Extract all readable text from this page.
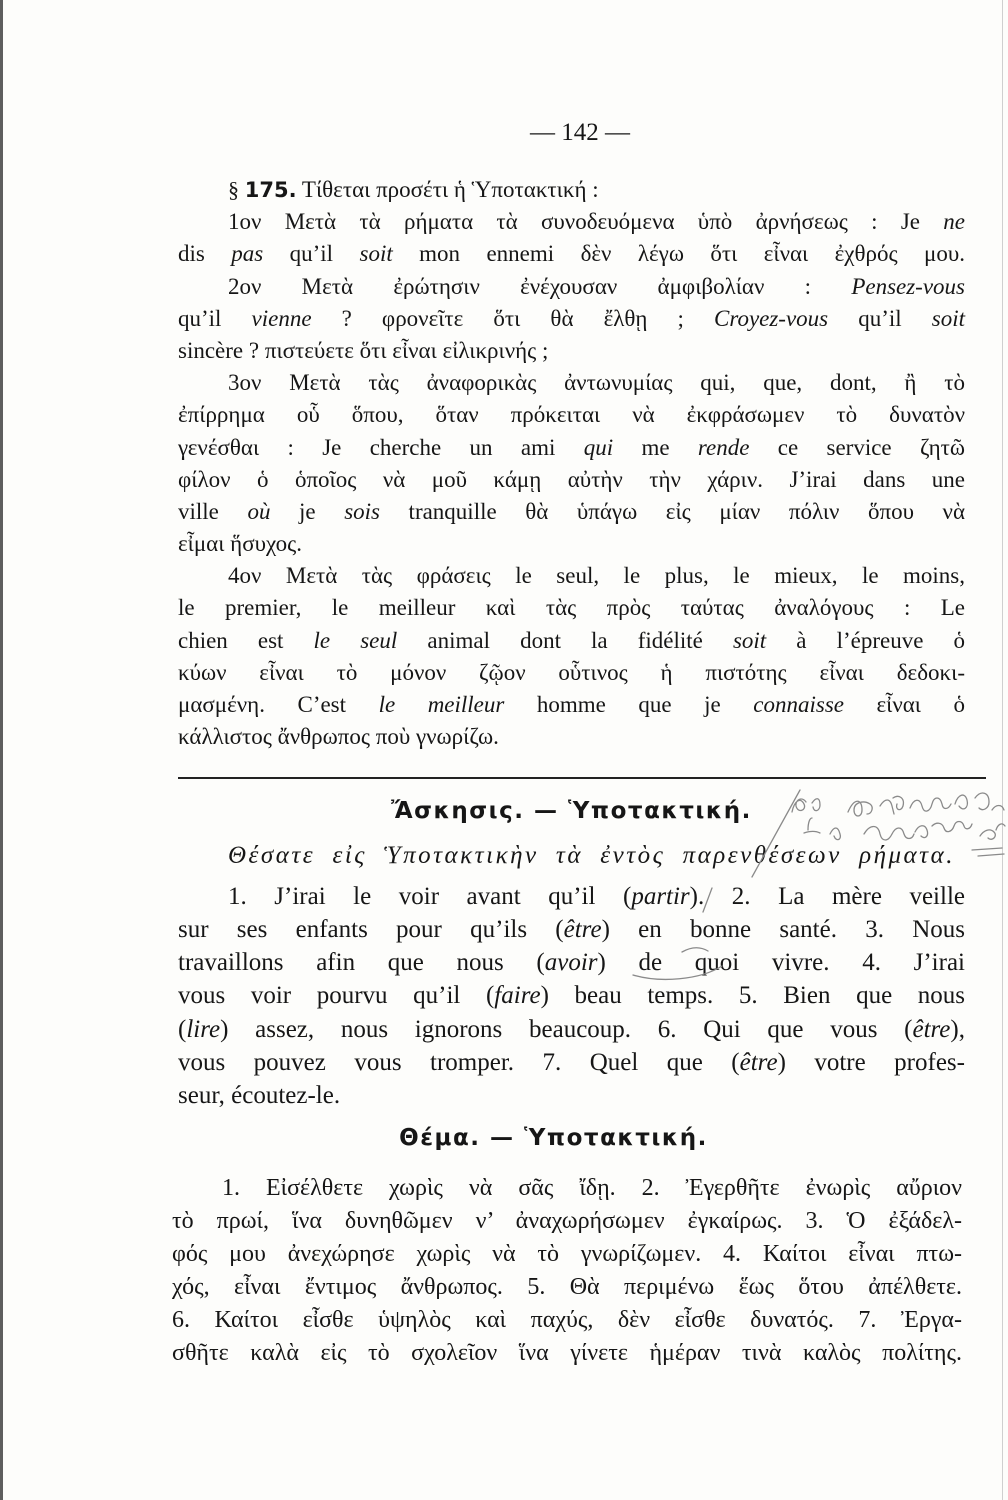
— 142 —
§ 175. Τίθεται προσέτι ἡ Ὑποτακτική :
1ον Μετὰ τὰ ρήματα τὰ συνοδευόμενα ὑπὸ ἀρνήσεως : Je ne
dis pas qu’il soit mon ennemi δὲν λέγω ὅτι εἶναι ἐχθρός μου.
2ον Μετὰ ἐρώτησιν ἐνέχουσαν ἀμφιβολίαν : Pensez-vous
qu’il vienne ? φρονεῖτε ὅτι θὰ ἔλθῃ ; Croyez-vous qu’il soit
sincère ? πιστεύετε ὅτι εἶναι εἰλικρινής ;
3ον Μετὰ τὰς ἀναφορικὰς ἀντωνυμίας qui, que, dont, ἢ τὸ
ἐπίρρημα οὗ ὅπου, ὅταν πρόκειται νὰ ἐκφράσωμεν τὸ δυνατὸν
γενέσθαι : Je cherche un ami qui me rende ce service ζητῶ
φίλον ὁ ὁποῖος νὰ μοῦ κάμῃ αὐτὴν τὴν χάριν. J’irai dans une
ville où je sois tranquille θὰ ὑπάγω εἰς μίαν πόλιν ὅπου νὰ
εἶμαι ἥσυχος.
4ον Μετὰ τὰς φράσεις le seul, le plus, le mieux, le moins,
le premier, le meilleur καὶ τὰς πρὸς ταύτας ἀναλόγους : Le
chien est le seul animal dont la fidélité soit à l’épreuve ὁ
κύων εἶναι τὸ μόνον ζῷον οὗτινος ἡ πιστότης εἶναι δεδοκι-
μασμένη. C’est le meilleur homme que je connaisse εἶναι ὁ
κάλλιστος ἄνθρωπος ποὺ γνωρίζω.
Ἄσκησις. — Ὑποτακτική.
Θέσατε εἰς Ὑποτακτικὴν τὰ ἐντὸς παρενθέσεων ρήματα.
1. J’irai le voir avant qu’il (partir). 2. La mère veille
sur ses enfants pour qu’ils (être) en bonne santé. 3. Nous
travaillons afin que nous (avoir) de quoi vivre. 4. J’irai
vous voir pourvu qu’il (faire) beau temps. 5. Bien que nous
(lire) assez, nous ignorons beaucoup. 6. Qui que vous (être),
vous pouvez vous tromper. 7. Quel que (être) votre profes-
seur, écoutez-le.
Θέμα. — Ὑποτακτική.
1. Εἰσέλθετε χωρὶς νὰ σᾶς ἴδῃ. 2. Ἐγερθῆτε ἐνωρὶς αὔριον
τὸ πρωί, ἵνα δυνηθῶμεν ν’ ἀναχωρήσωμεν ἐγκαίρως. 3. Ὁ ἐξάδελ-
φός μου ἀνεχώρησε χωρὶς νὰ τὸ γνωρίζωμεν. 4. Καίτοι εἶναι πτω-
χός, εἶναι ἔντιμος ἄνθρωπος. 5. Θὰ περιμένω ἕως ὅτου ἀπέλθετε.
6. Καίτοι εἶσθε ὑψηλὸς καὶ παχύς, δὲν εἶσθε δυνατός. 7. Ἐργα-
σθῆτε καλὰ εἰς τὸ σχολεῖον ἵνα γίνετε ἡμέραν τινὰ καλὸς πολίτης.
